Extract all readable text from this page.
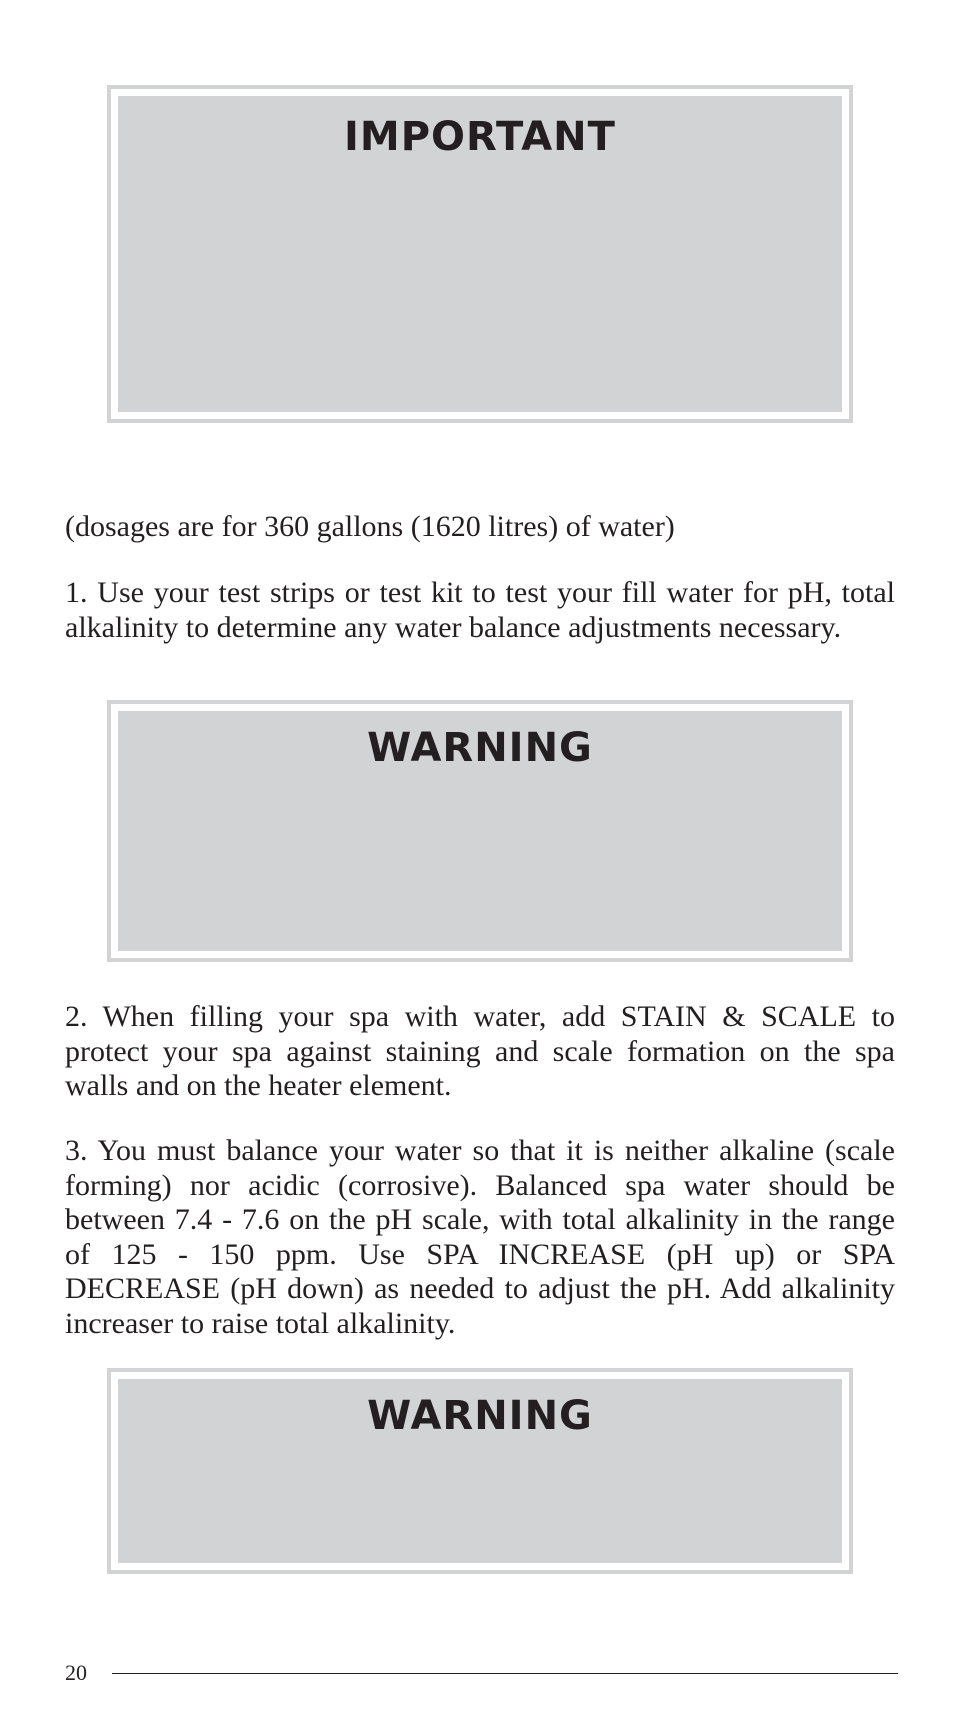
IMPORTANT

(dosages are for 360 gallons (1620 litres) of water)

1. Use your test strips or test kit to test your fill water for pH, total alkalinity to determine any water balance adjustments necessary.

WARNING

2. When filling your spa with water, add STAIN & SCALE to protect your spa against staining and scale formation on the spa walls and on the heater element.

3. You must balance your water so that it is neither alkaline (scale forming) nor acidic (corrosive). Balanced spa water should be between 7.4 - 7.6 on the pH scale, with total alkalinity in the range of 125 - 150 ppm. Use SPA INCREASE (pH up) or SPA DECREASE (pH down) as needed to adjust the pH. Add alkalinity increaser to raise total alkalinity.

WARNING
20
